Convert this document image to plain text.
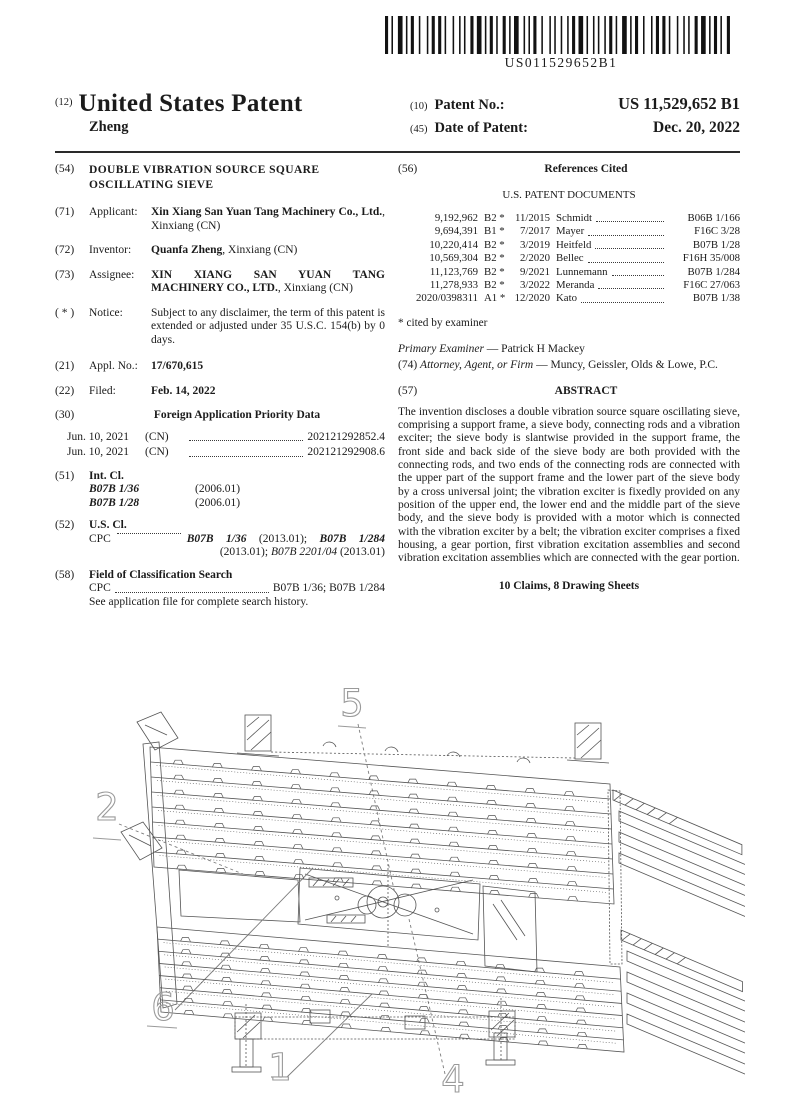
US011529652B1
$^{(12)}$ United States Patent
Zheng
(10) Patent No.:	US 11,529,652 B1
(45) Date of Patent:	Dec. 20, 2022
(54)	DOUBLE VIBRATION SOURCE SQUARE OSCILLATING SIEVE
(71)	Applicant:	Xin Xiang San Yuan Tang Machinery Co., Ltd., Xinxiang (CN)
(72)	Inventor:	Quanfa Zheng, Xinxiang (CN)
(73)	Assignee:	XIN XIANG SAN YUAN TANG MACHINERY CO., LTD., Xinxiang (CN)
( * )	Notice:	Subject to any disclaimer, the term of this patent is extended or adjusted under 35 U.S.C. 154(b) by 0 days.
(21)	Appl. No.:	17/670,615
(22)	Filed:	Feb. 14, 2022
(30)	Foreign Application Priority Data
Jun. 10, 2021	(CN)	202121292852.4
Jun. 10, 2021	(CN)	202121292908.6
(51)	Int. Cl.
B07B 1/36	(2006.01)
B07B 1/28	(2006.01)
(52)	U.S. Cl.
CPC	B07B 1/36 (2013.01); B07B 1/284 (2013.01); B07B 2201/04 (2013.01)
(58)	Field of Classification Search
CPC	B07B 1/36; B07B 1/284
See application file for complete search history.
(56)	References Cited
U.S. PATENT DOCUMENTS
9,192,962 B2 * 11/2015 Schmidt	B06B 1/166
9,694,391 B1 *	7/2017 Mayer	F16C 3/28
10,220,414 B2 *	3/2019 Heitfeld	B07B 1/28
10,569,304 B2 *	2/2020 Bellec	F16H 35/008
11,123,769 B2 *	9/2021 Lunnemann	B07B 1/284
11,278,933 B2 *	3/2022 Meranda	F16C 27/063
2020/0398311 A1 * 12/2020 Kato	B07B 1/38
* cited by examiner
Primary Examiner — Patrick H Mackey
(74) Attorney, Agent, or Firm — Muncy, Geissler, Olds & Lowe, P.C.
(57)	ABSTRACT
The invention discloses a double vibration source square oscillating sieve, comprising a support frame, a sieve body, connecting rods and a vibration exciter; the sieve body is slantwise provided in the support frame, the front side and back side of the sieve body are both provided with the connecting rods, and two ends of the connecting rods are connected with the upper part of the support frame and the lower part of the sieve body by a cross universal joint; the vibration exciter is fixedly provided on any position of the upper end, the lower end and the middle part of the sieve body, and the sieve body is provided with a motor which is connected with the vibration exciter by a belt; the vibration exciter comprises a fixed housing, a gear portion, first vibration excitation assemblies and second vibration excitation assemblies which are connected with the gear portion.
10 Claims, 8 Drawing Sheets
5
2
6
1	4
